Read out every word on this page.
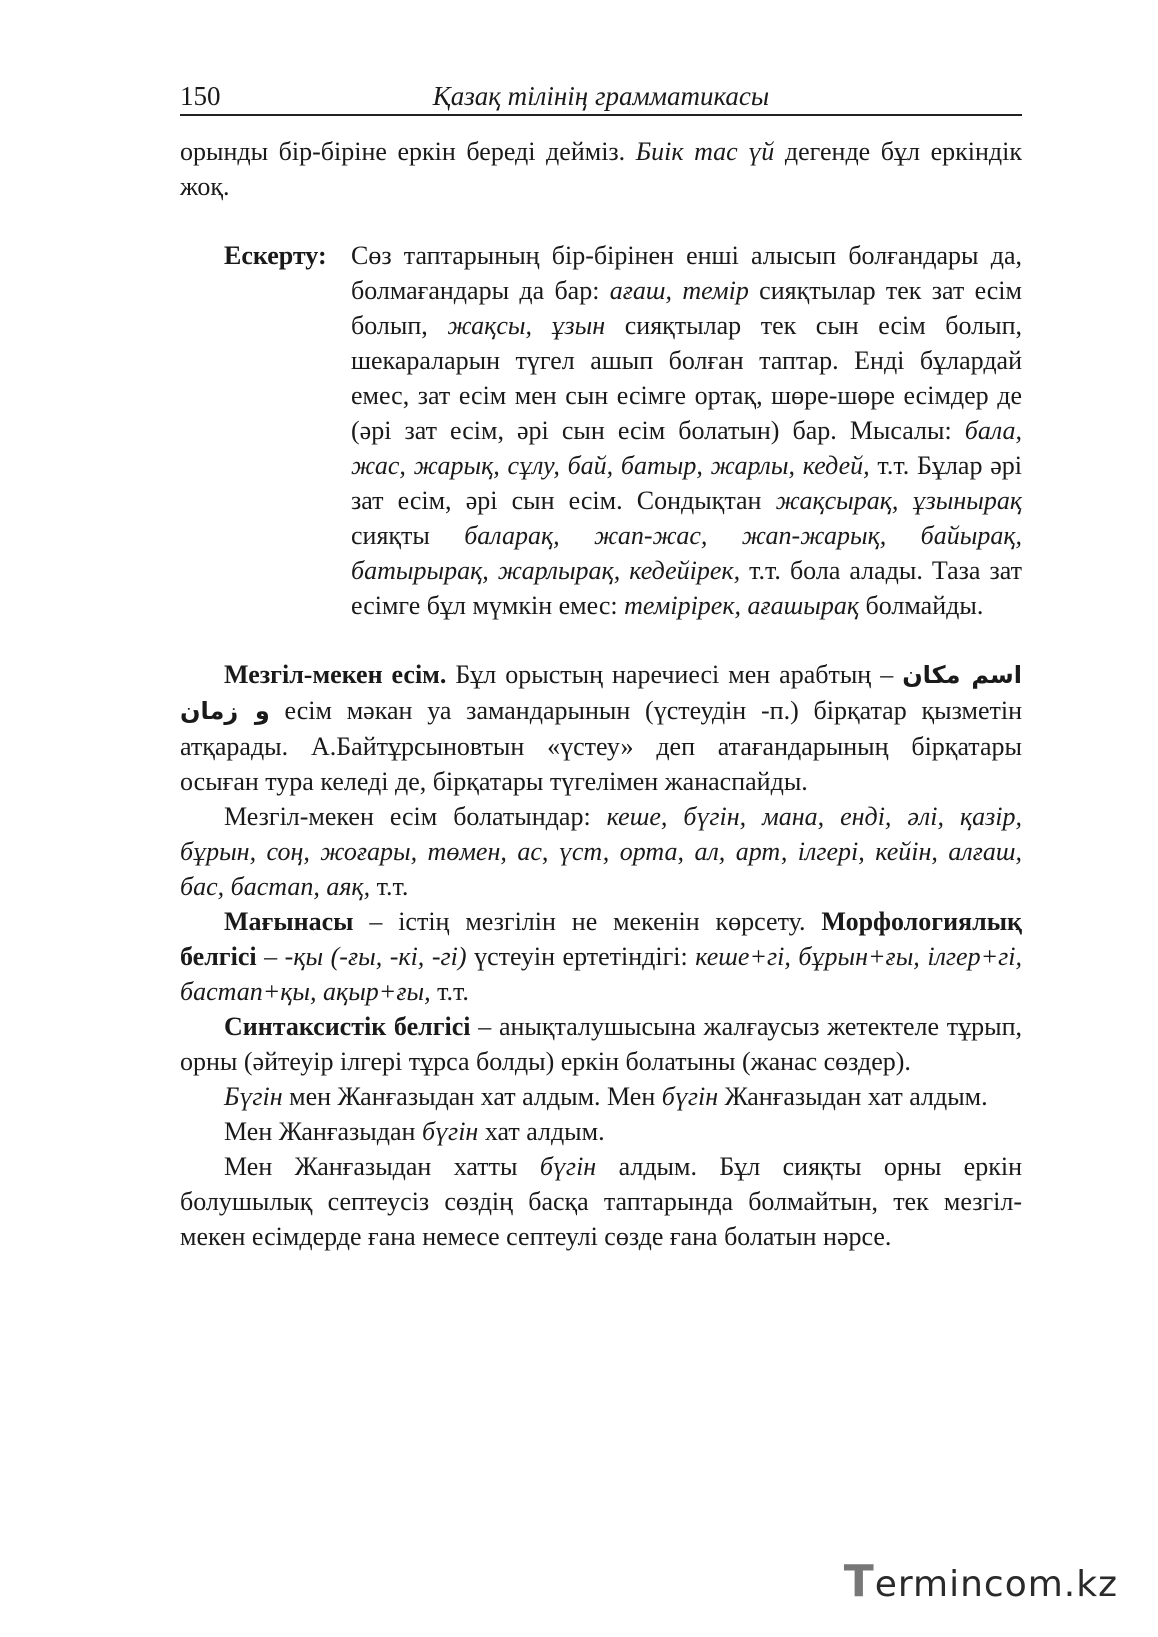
150	Қазақ тілінің грамматикасы

орынды бір-біріне еркін береді дейміз. Биік тас үй дегенде бұл еркіндік жоқ.

Ескерту: Сөз таптарының бір-бірінен енші алысып болғандары да, болмағандары да бар: ағаш, темір сияқтылар тек зат есім болып, жақсы, ұзын сияқтылар тек сын есім болып, шекараларын түгел ашып болған таптар. Енді бұлардай емес, зат есім мен сын есімге ортақ, шөре-шөре есімдер де (әрі зат есім, әрі сын есім болатын) бар. Мысалы: бала, жас, жарық, сұлу, бай, батыр, жарлы, кедей, т.т. Бұлар әрі зат есім, әрі сын есім. Сондықтан жақсырақ, ұзынырақ сияқты баларақ, жап-жас, жап-жарық, байырақ, батырырақ, жарлырақ, кедейірек, т.т. бола алады. Таза зат есімге бұл мүмкін емес: темірірек, ағашырақ болмайды.

Мезгіл-мекен есім. Бұл орыстың наречиесі мен арабтың – اسم مكان و زمان есім мәкан уа замандарынын (үстеудін -п.) бірқатар қызметін атқарады. А.Байтұрсыновтын «үстеу» деп атағандарының бірқатары осыған тура келеді де, бірқатары түгелімен жанаспайды.

Мезгіл-мекен есім болатындар: кеше, бүгін, мана, енді, әлі, қазір, бұрын, соң, жоғары, төмен, ас, үст, орта, ал, арт, ілгері, кейін, алғаш, бас, бастап, аяқ, т.т.

Мағынасы – істің мезгілін не мекенін көрсету. Морфологиялық белгісі – -қы (-ғы, -кі, -гі) үстеуін ертетіндігі: кеше+гі, бұрын+ғы, ілгер+гі, бастап+қы, ақыр+ғы, т.т.

Синтаксистік белгісі – анықталушысына жалғаусыз жетектеле тұрып, орны (әйтеуір ілгері тұрса болды) еркін болатыны (жанас сөздер).

Бүгін мен Жанғазыдан хат алдым. Мен бүгін Жанғазыдан хат алдым.

Мен Жанғазыдан бүгін хат алдым.

Мен Жанғазыдан хатты бүгін алдым. Бұл сияқты орны еркін болушылық септеусіз сөздің басқа таптарында болмайтын, тек мезгіл-мекен есімдерде ғана немесе септеулі сөзде ғана болатын нәрсе.

Termincom.kz
